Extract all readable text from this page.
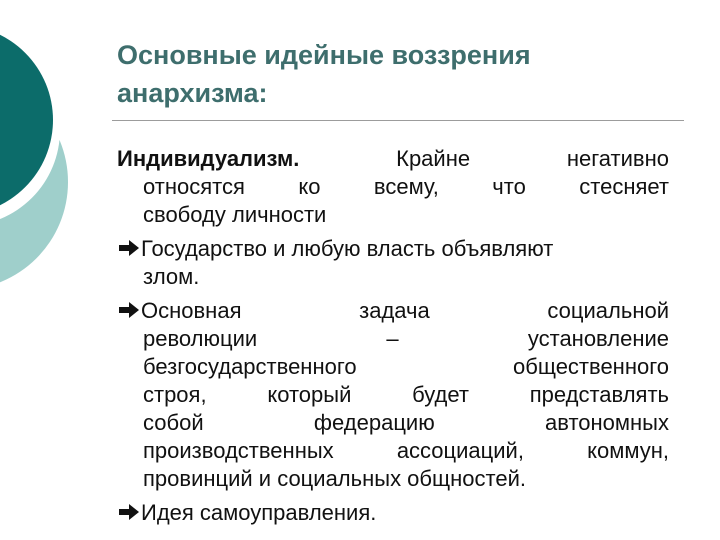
Основные идейные воззрения
анархизма:
Индивидуализм.	Крайне негативно
относятся ко всему, что стесняет
свободу личности
Государство и любую власть объявляют
злом.
Основная задача социальной
революции – установление
безгосударственного общественного
строя, который будет представлять
собой федерацию автономных
производственных ассоциаций, коммун,
провинций и социальных общностей.
Идея самоуправления.
